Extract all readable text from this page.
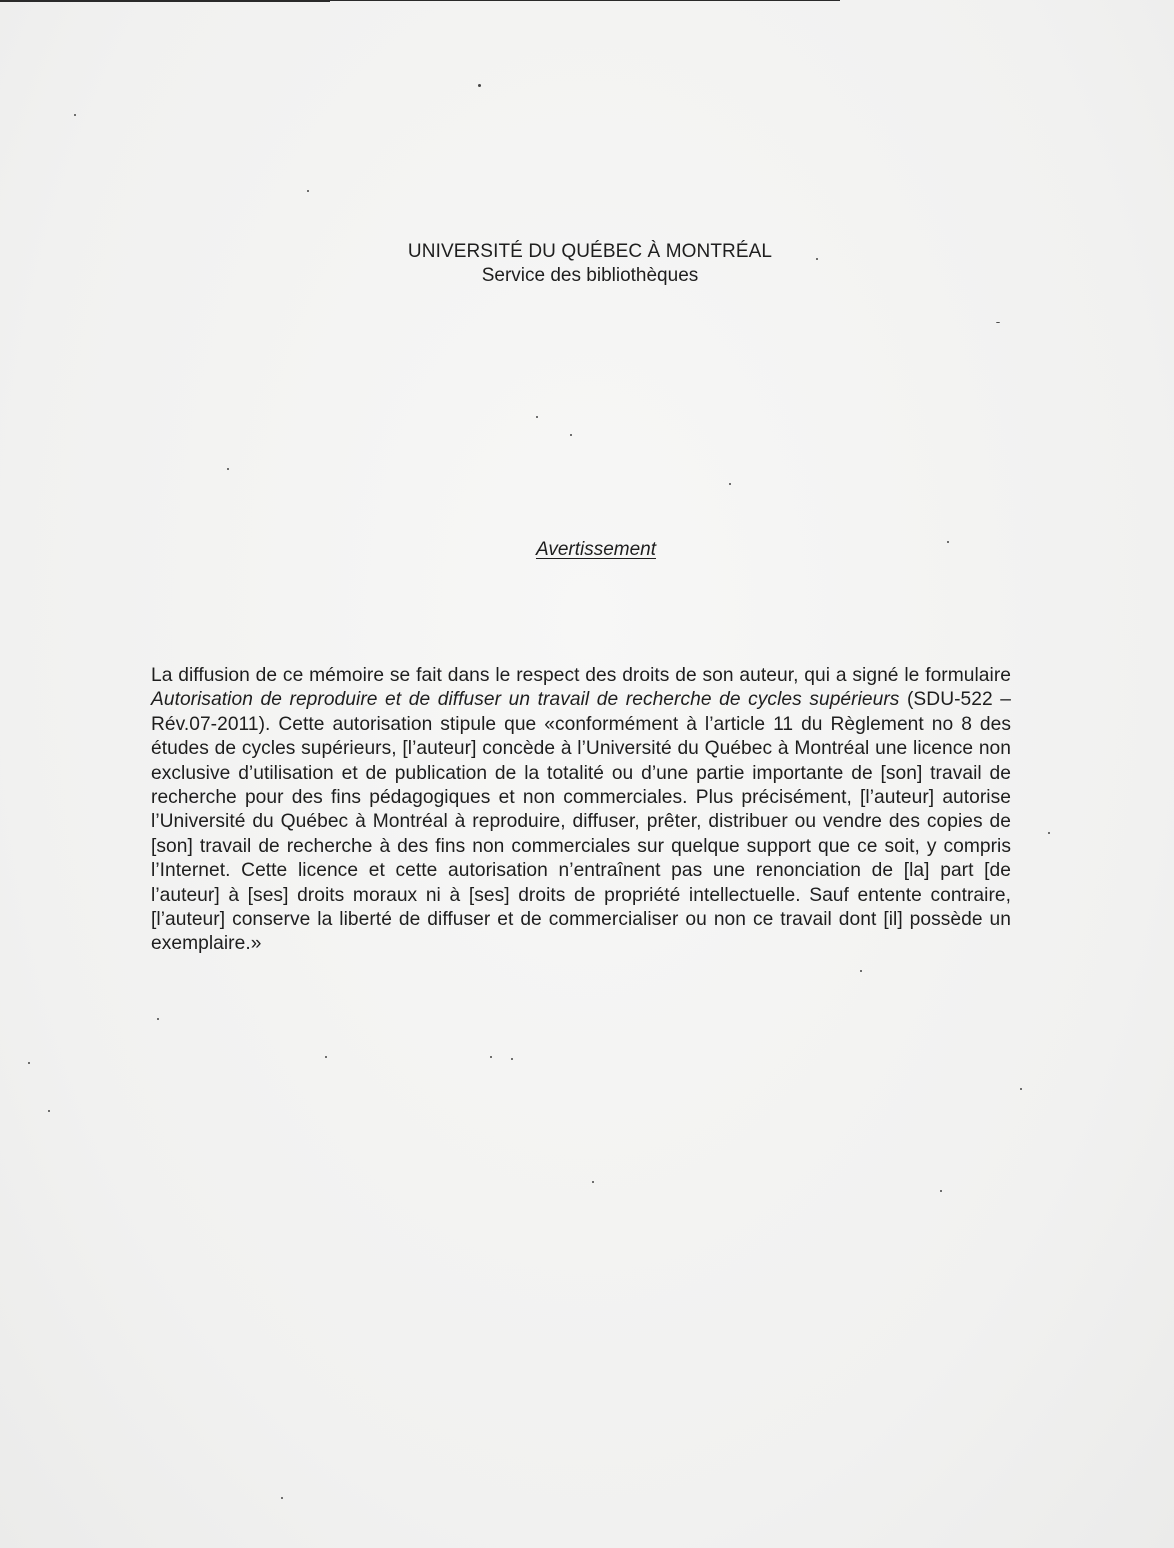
UNIVERSITÉ DU QUÉBEC À MONTRÉAL
Service des bibliothèques
Avertissement

La diffusion de ce mémoire se fait dans le respect des droits de son auteur, qui a signé le formulaire Autorisation de reproduire et de diffuser un travail de recherche de cycles supérieurs (SDU-522 – Rév.07-2011). Cette autorisation stipule que «conformément à l’article 11 du Règlement no 8 des études de cycles supérieurs, [l’auteur] concède à l’Université du Québec à Montréal une licence non exclusive d’utilisation et de publication de la totalité ou d’une partie importante de [son] travail de recherche pour des fins pédagogiques et non commerciales. Plus précisément, [l’auteur] autorise l’Université du Québec à Montréal à reproduire, diffuser, prêter, distribuer ou vendre des copies de [son] travail de recherche à des fins non commerciales sur quelque support que ce soit, y compris l’Internet. Cette licence et cette autorisation n’entraînent pas une renonciation de [la] part [de l’auteur] à [ses] droits moraux ni à [ses] droits de propriété intellectuelle. Sauf entente contraire, [l’auteur] conserve la liberté de diffuser et de commercialiser ou non ce travail dont [il] possède un exemplaire.»
